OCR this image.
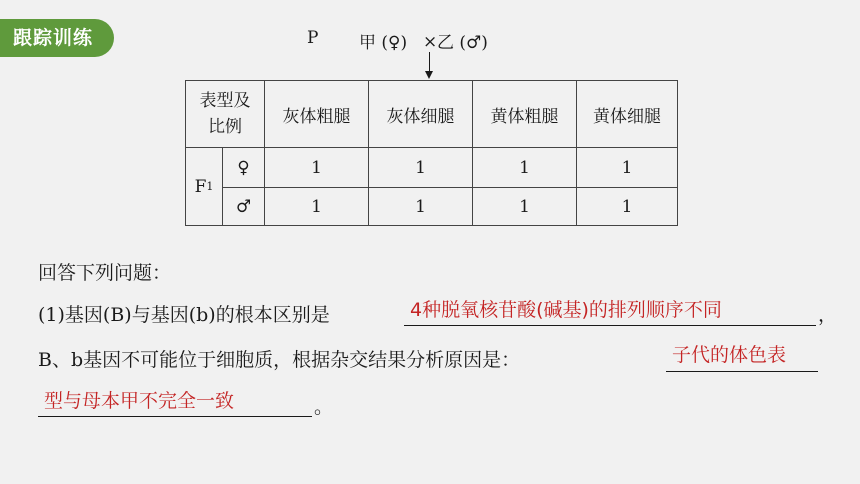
跟踪训练	P 甲 (♀) × 乙 (♂)
表型及
比例
灰体粗腿	灰体细腿	黄体粗腿	黄体细腿
F 1
♀	1	1	1	1
♂	1	1	1	1
回答下列问题：
(1)基因(B)与基因(b)的根本区别是	4种脱氧核苷酸(碱基)的排列顺序不同	，
B、b基因不可能位于细胞质，根据杂交结果分析原因是：	子代的体色表
型与母本甲不完全一致	。
